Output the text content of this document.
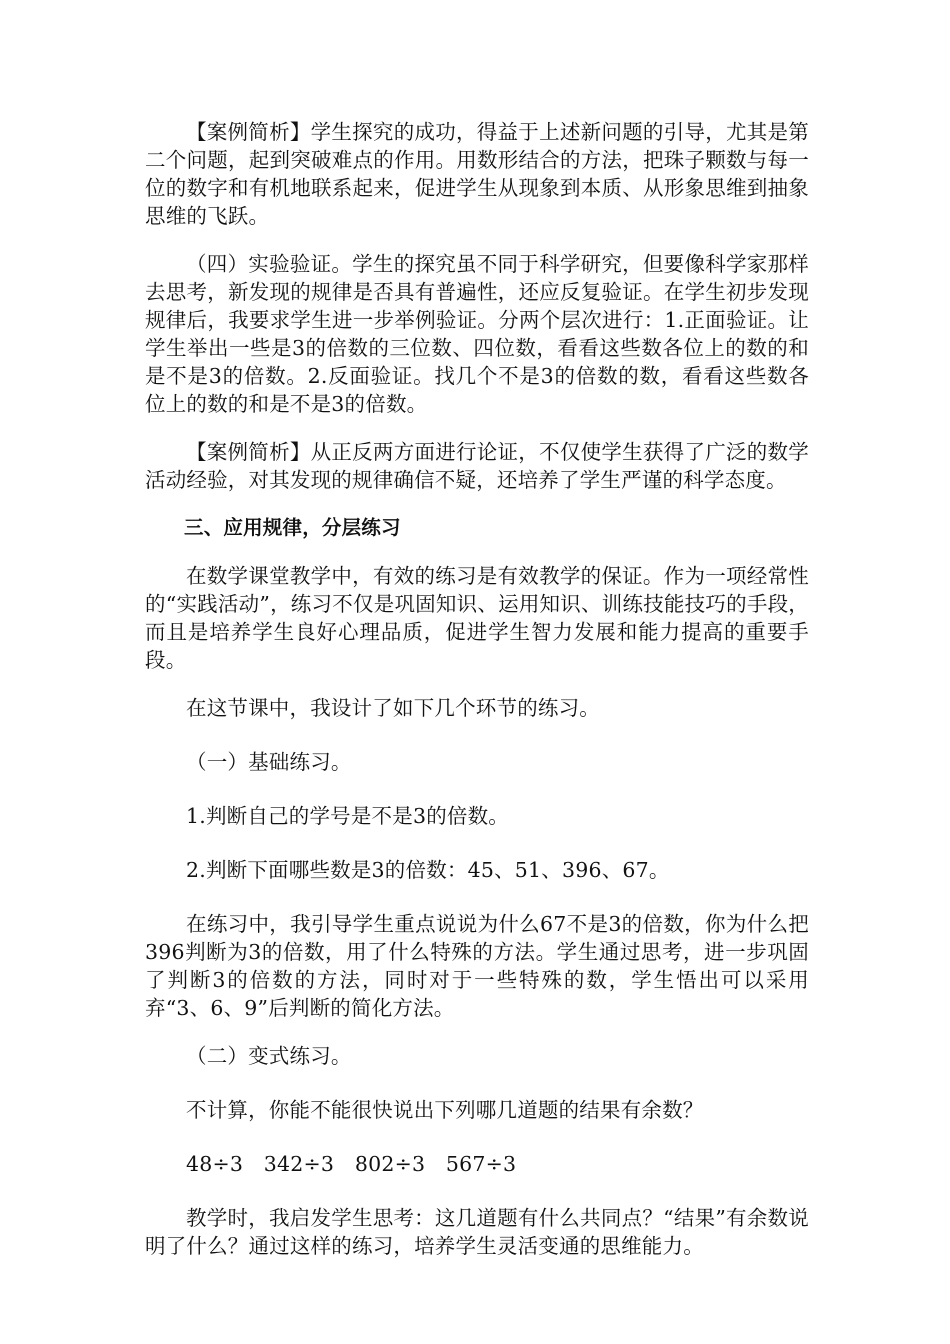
【案例简析】学生探究的成功，得益于上述新问题的引导，尤其是第二个问题，起到突破难点的作用。用数形结合的方法，把珠子颗数与每一位的数字和有机地联系起来，促进学生从现象到本质、从形象思维到抽象思维的飞跃。

（四）实验验证。学生的探究虽不同于科学研究，但要像科学家那样去思考，新发现的规律是否具有普遍性，还应反复验证。在学生初步发现规律后，我要求学生进一步举例验证。分两个层次进行：1.正面验证。让学生举出一些是3的倍数的三位数、四位数，看看这些数各位上的数的和是不是3的倍数。2.反面验证。找几个不是3的倍数的数，看看这些数各位上的数的和是不是3的倍数。

【案例简析】从正反两方面进行论证，不仅使学生获得了广泛的数学活动经验，对其发现的规律确信不疑，还培养了学生严谨的科学态度。

三、应用规律，分层练习

在数学课堂教学中，有效的练习是有效教学的保证。作为一项经常性的“实践活动”，练习不仅是巩固知识、运用知识、训练技能技巧的手段，而且是培养学生良好心理品质，促进学生智力发展和能力提高的重要手段。

在这节课中，我设计了如下几个环节的练习。

（一）基础练习。

1.判断自己的学号是不是3的倍数。

2.判断下面哪些数是3的倍数：45、51、396、67。

在练习中，我引导学生重点说说为什么67不是3的倍数，你为什么把396判断为3的倍数，用了什么特殊的方法。学生通过思考，进一步巩固了判断3的倍数的方法，同时对于一些特殊的数，学生悟出可以采用弃“3、6、9”后判断的简化方法。

（二）变式练习。

不计算，你能不能很快说出下列哪几道题的结果有余数？

48÷3　342÷3　802÷3　567÷3

教学时，我启发学生思考：这几道题有什么共同点？“结果”有余数说明了什么？通过这样的练习，培养学生灵活变通的思维能力。
